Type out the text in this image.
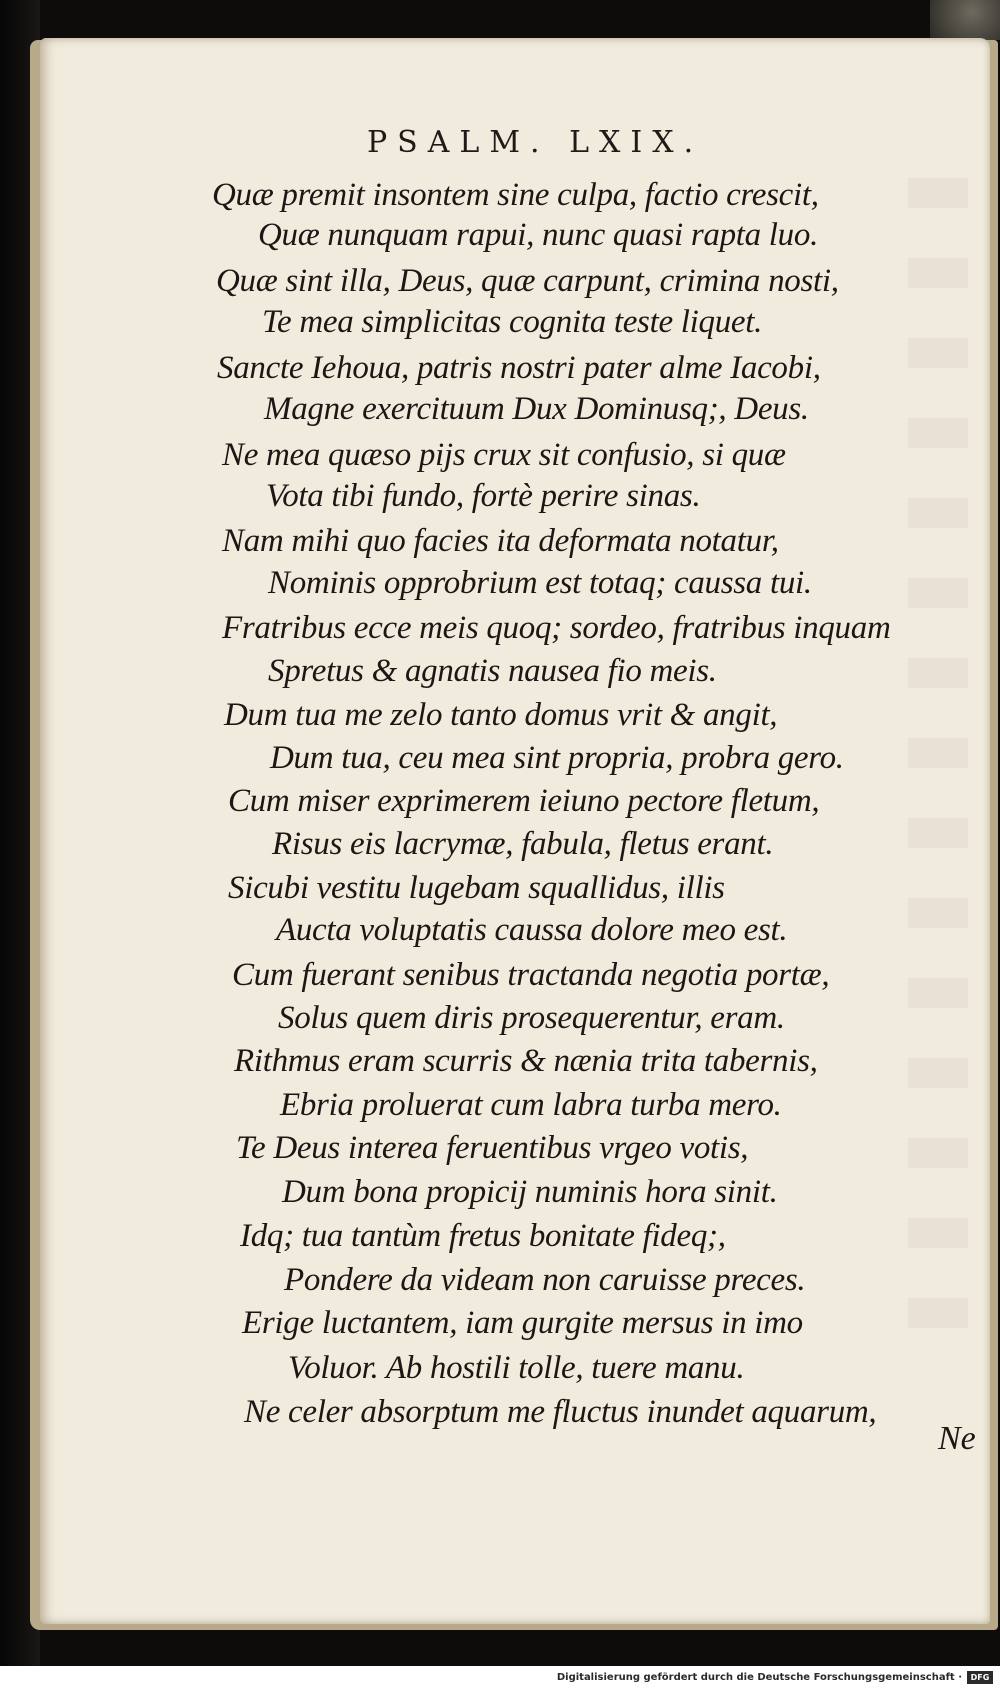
PSALM. LXIX.
Quæ premit insontem sine culpa, factio crescit,
Quæ nunquam rapui, nunc quasi rapta luo.
Quæ sint illa, Deus, quæ carpunt, crimina nosti,
Te mea simplicitas cognita teste liquet.
Sancte Iehoua, patris nostri pater alme Iacobi,
Magne exercituum Dux Dominusq;, Deus.
Ne mea quæso pijs crux sit confusio, si quæ
Vota tibi fundo, fortè perire sinas.
Nam mihi quo facies ita deformata notatur,
Nominis opprobrium est totaq; caussa tui.
Fratribus ecce meis quoq; sordeo, fratribus inquam
Spretus & agnatis nausea fio meis.
Dum tua me zelo tanto domus vrit & angit,
Dum tua, ceu mea sint propria, probra gero.
Cum miser exprimerem ieiuno pectore fletum,
Risus eis lacrymæ, fabula, fletus erant.
Sicubi vestitu lugebam squallidus, illis
Aucta voluptatis caussa dolore meo est.
Cum fuerant senibus tractanda negotia portæ,
Solus quem diris prosequerentur, eram.
Rithmus eram scurris & nænia trita tabernis,
Ebria proluerat cum labra turba mero.
Te Deus interea feruentibus vrgeo votis,
Dum bona propicij numinis hora sinit.
Idq; tua tantùm fretus bonitate fideq;,
Pondere da videam non caruisse preces.
Erige luctantem, iam gurgite mersus in imo
Voluor. Ab hostili tolle, tuere manu.
Ne celer absorptum me fluctus inundet aquarum,
Ne
Digitalisierung gefördert durch die Deutsche Forschungsgemeinschaft ·	DFG
